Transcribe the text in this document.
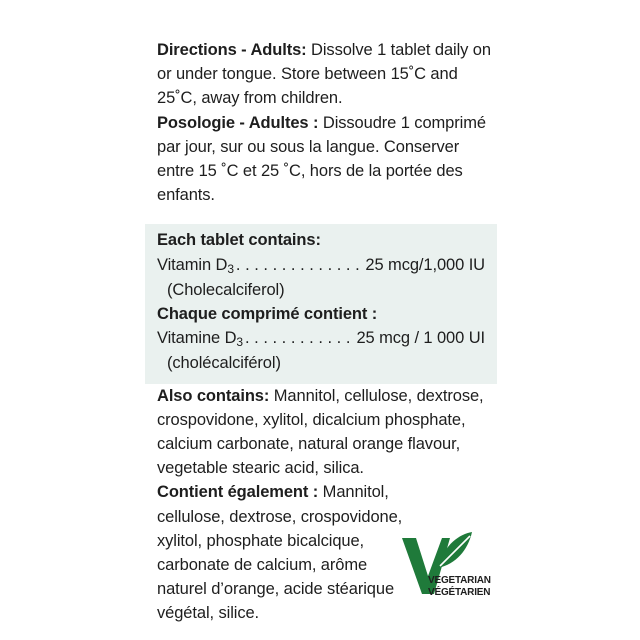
Directions - Adults: Dissolve 1 tablet daily on or under tongue. Store between 15˚C and 25˚C, away from children.

Posologie - Adultes : Dissoudre 1 comprimé par jour, sur ou sous la langue. Conserver entre 15 ˚C et 25 ˚C, hors de la portée des enfants.

Each tablet contains:

Vitamin D3 . . .	25 mcg/1,000 IU

(Cholecalciferol)

Chaque comprimé contient :

Vitamine D3 . . .	25 mcg / 1 000 UI

(cholécalciférol)

Also contains: Mannitol, cellulose, dextrose, crospovidone, xylitol, dicalcium phosphate, calcium carbonate, natural orange flavour, vegetable stearic acid, silica.

Contient également : Mannitol, cellulose, dextrose, crospovidone, xylitol, phosphate bicalcique, carbonate de calcium, arôme naturel d’orange, acide stéarique végétal, silice.

VEGETARIAN
VÉGÉTARIEN
